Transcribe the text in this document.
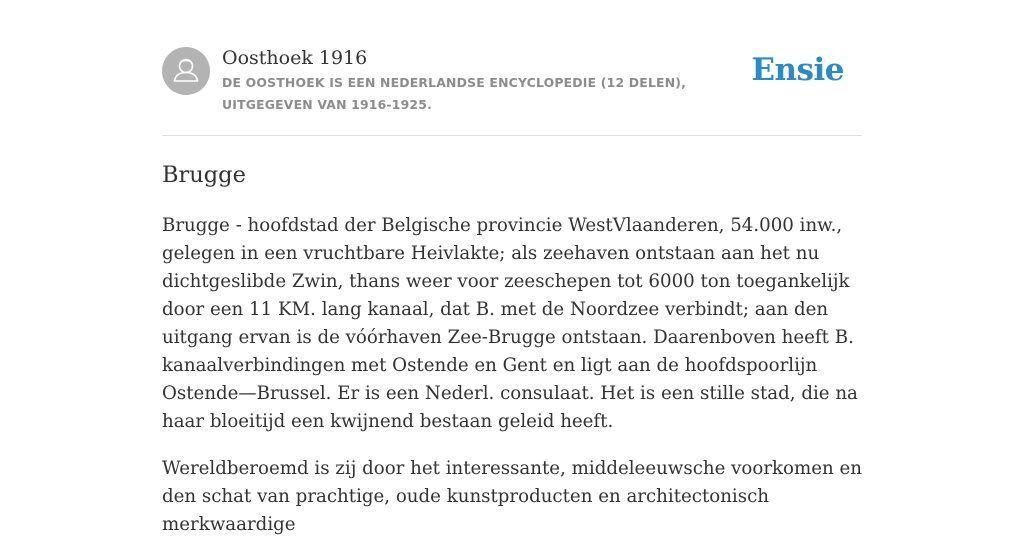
Oosthoek 1916
DE OOSTHOEK IS EEN NEDERLANDSE ENCYCLOPEDIE (12 DELEN), UITGEGEVEN VAN 1916-1925.
Ensie
Brugge

Brugge - hoofdstad der Belgische provincie WestVlaanderen, 54.000 inw., gelegen in een vruchtbare Heivlakte; als zeehaven ontstaan aan het nu dichtgeslibde Zwin, thans weer voor zeeschepen tot 6000 ton toegankelijk door een 11 KM. lang kanaal, dat B. met de Noordzee verbindt; aan den uitgang ervan is de vóórhaven Zee-Brugge ontstaan. Daarenboven heeft B. kanaalverbindingen met Ostende en Gent en ligt aan de hoofdspoorlijn Ostende—Brussel. Er is een Nederl. consulaat. Het is een stille stad, die na haar bloeitijd een kwijnend bestaan geleid heeft.

Wereldberoemd is zij door het interessante, middeleeuwsche voorkomen en den schat van prachtige, oude kunstproducten en architectonisch merkwaardige
